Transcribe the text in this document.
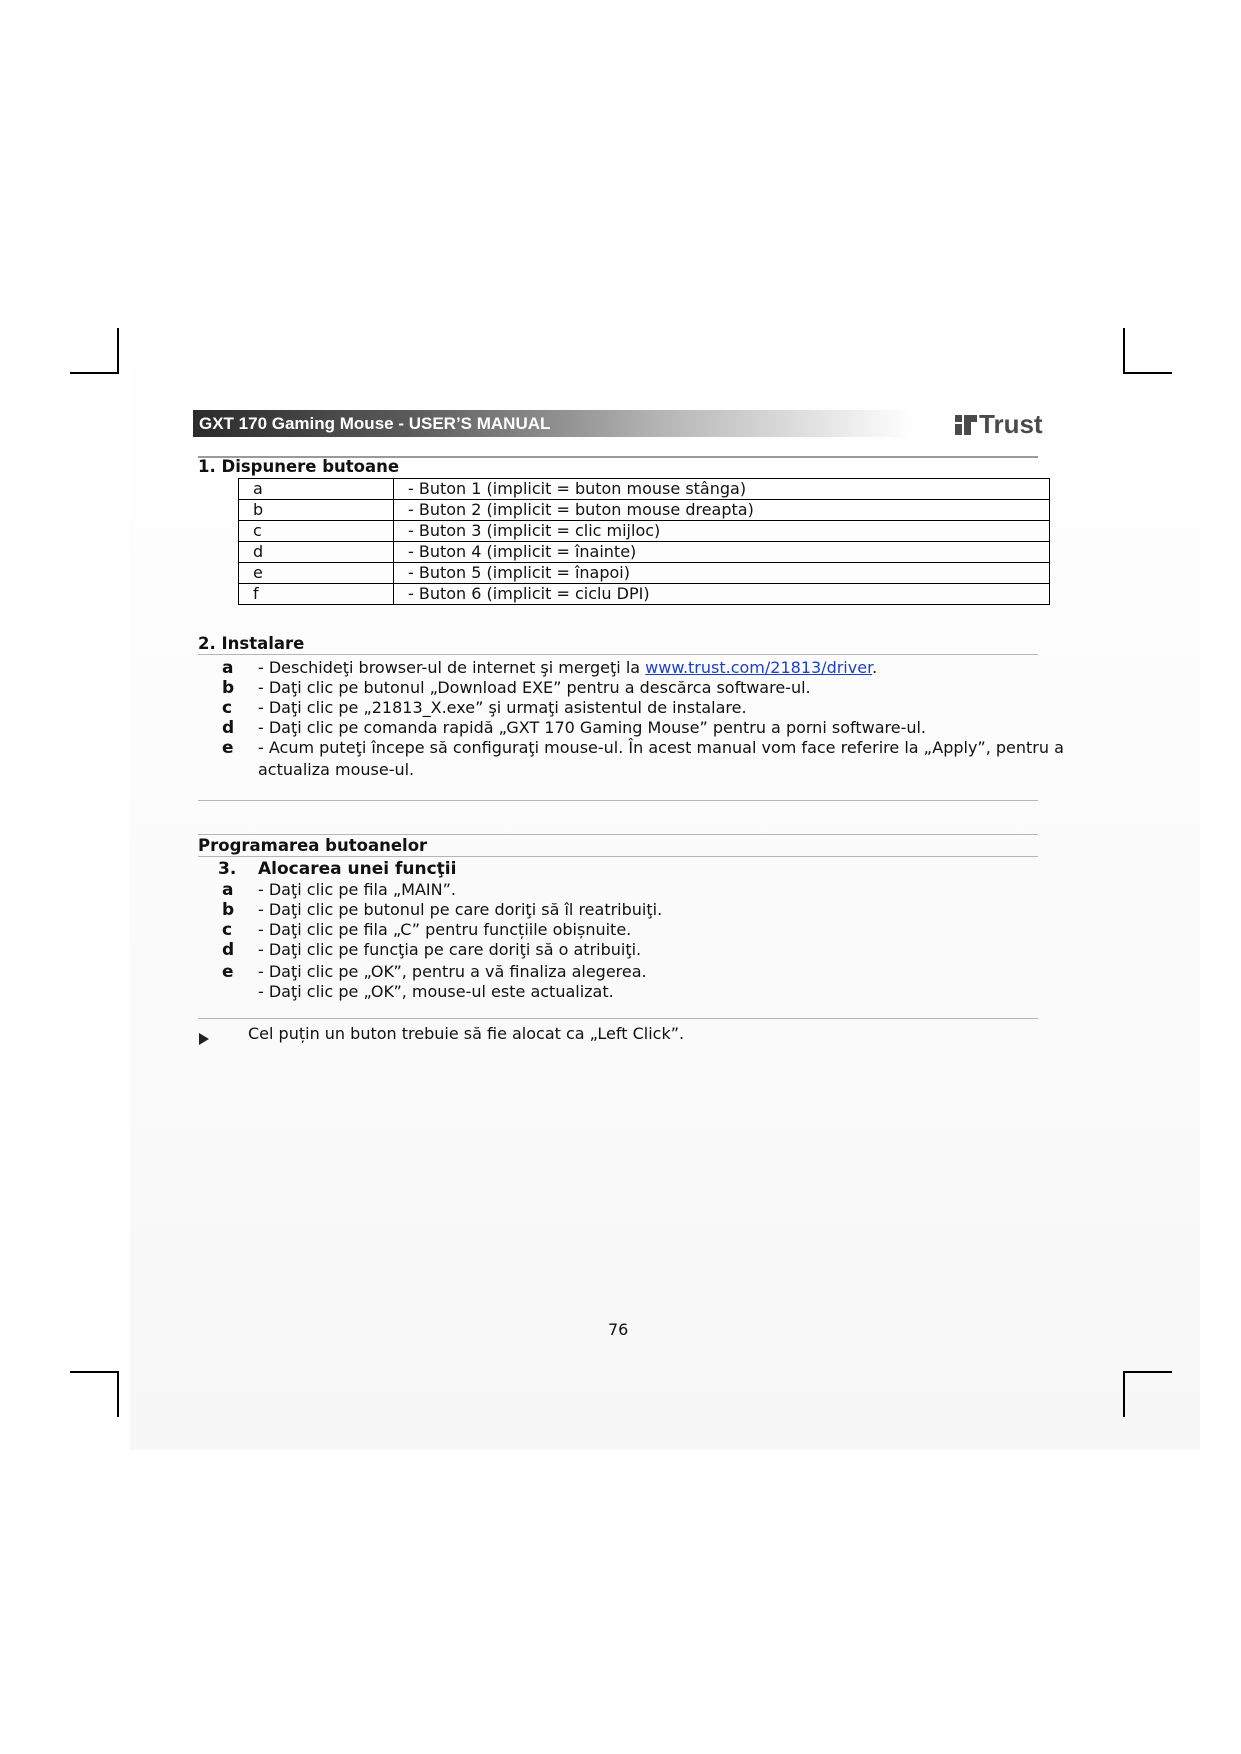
GXT 170 Gaming Mouse - USER’S MANUAL	Trust
1. Dispunere butoane
a	- Buton 1 (implicit = buton mouse stânga)
b	- Buton 2 (implicit = buton mouse dreapta)
c	- Buton 3 (implicit = clic mijloc)
d	- Buton 4 (implicit = înainte)
e	- Buton 5 (implicit = înapoi)
f	- Buton 6 (implicit = ciclu DPI)
2. Instalare
a - Deschideţi browser-ul de internet şi mergeţi la www.trust.com/21813/driver.
b - Daţi clic pe butonul „Download EXE” pentru a descărca software-ul.
c - Daţi clic pe „21813_X.exe” şi urmaţi asistentul de instalare.
d - Daţi clic pe comanda rapidă „GXT 170 Gaming Mouse” pentru a porni software-ul.
e - Acum puteţi începe să configuraţi mouse-ul. În acest manual vom face referire la „Apply”, pentru a
actualiza mouse-ul.
Programarea butoanelor
3. Alocarea unei funcţii
a - Daţi clic pe fila „MAIN”.
b - Daţi clic pe butonul pe care doriţi să îl reatribuiţi.
c - Daţi clic pe fila „C” pentru funcțiile obișnuite.
d - Daţi clic pe funcţia pe care doriţi să o atribuiţi.
e - Daţi clic pe „OK”, pentru a vă finaliza alegerea.
- Daţi clic pe „OK”, mouse-ul este actualizat.
Cel puțin un buton trebuie să fie alocat ca „Left Click”.
76
